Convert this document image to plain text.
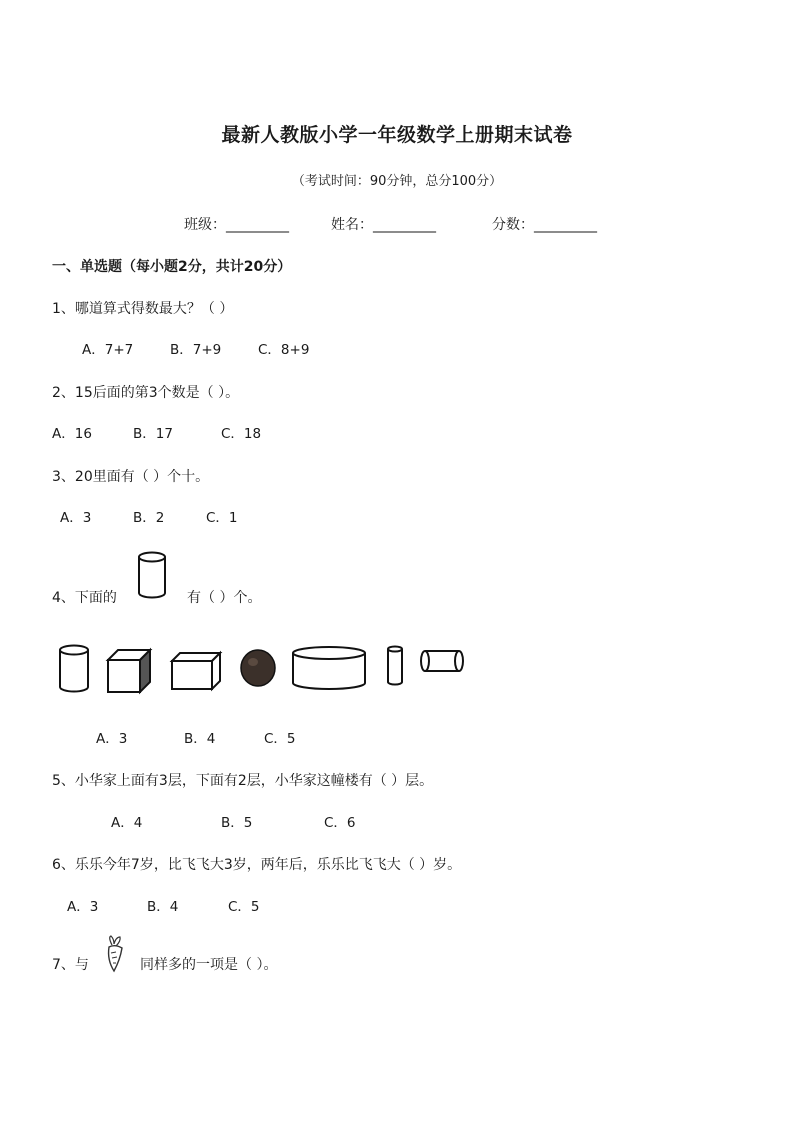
最新人教版小学一年级数学上册期末试卷
（考试时间：90分钟，总分100分）
班级：_________	姓名：_________	分数：_________
一、单选题（每小题2分，共计20分）
1、哪道算式得数最大？（ ）
A．7+7	B．7+9	C．8+9
2、15后面的第3个数是（ ）。
A．16	B．17	C．18
3、20里面有（ ）个十。
A．3	B．2	C．1
4、下面的	有（ ）个。
A．3	B．4	C．5
5、小华家上面有3层，下面有2层，小华家这幢楼有（ ）层。
A．4	B．5	C．6
6、乐乐今年7岁，比飞飞大3岁，两年后，乐乐比飞飞大（ ）岁。
A．3	B．4	C．5
7、与	同样多的一项是（ ）。
